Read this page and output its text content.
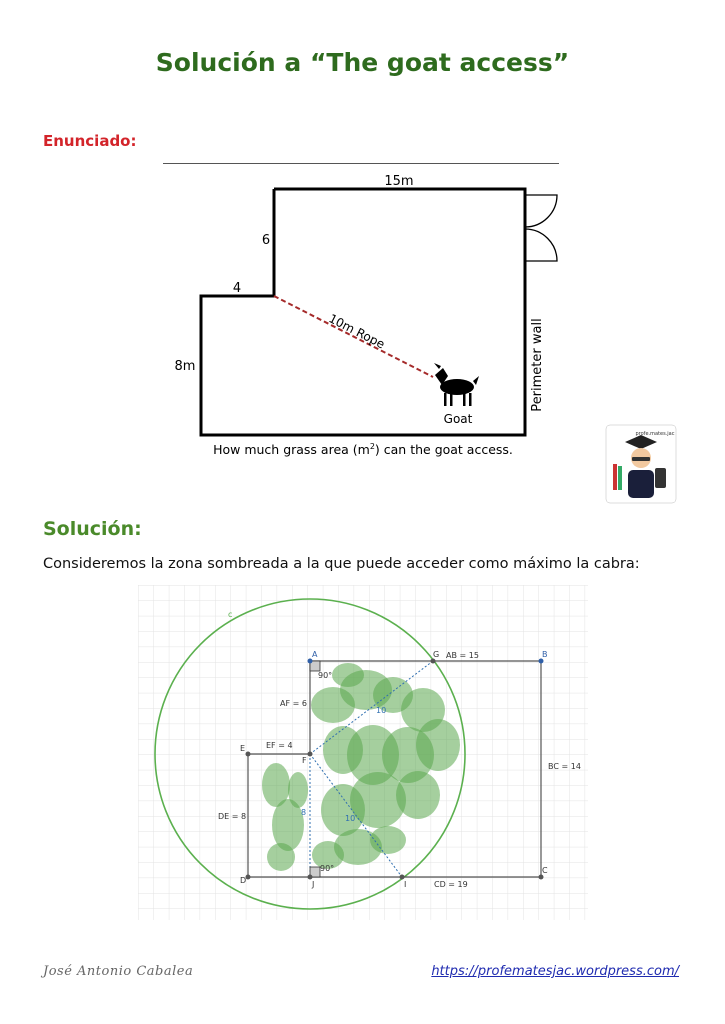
Solución a “The goat access”
Enunciado:
15m
6
4
8m
10m Rope
Goat
Perimeter wall
How much grass area $(m^2)$ can the goat access.
profe.mates.jac
Solución:
Consideremos la zona sombreada a la que puede acceder como máximo la cabra:
c
A	G	B
E
F
D	J	I
C
AB = 15
AF = 6
EF = 4
DE = 8
BC = 14
CD = 19
10
10
8
90°
90°
José Antonio Cabalea	https://profematesjac.wordpress.com/
